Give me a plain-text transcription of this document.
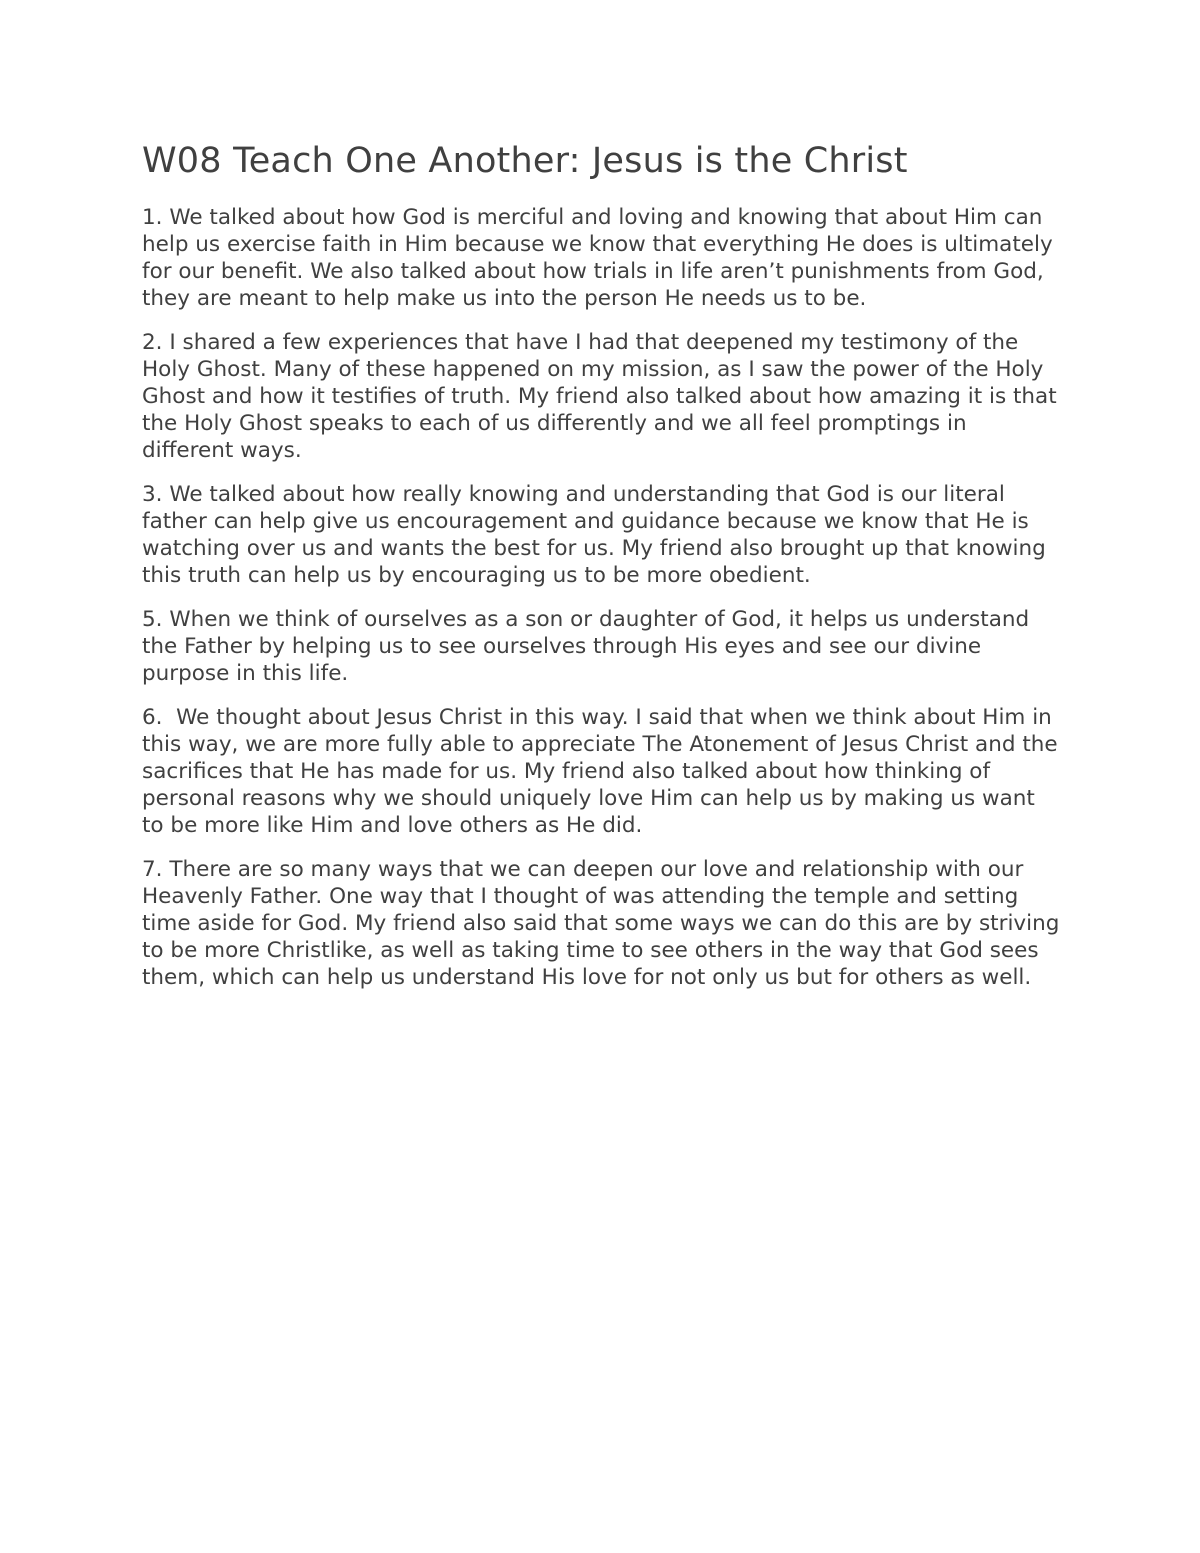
W08 Teach One Another: Jesus is the Christ

1. We talked about how God is merciful and loving and knowing that about Him can help us exercise faith in Him because we know that everything He does is ultimately for our benefit. We also talked about how trials in life aren’t punishments from God, they are meant to help make us into the person He needs us to be.

2. I shared a few experiences that have I had that deepened my testimony of the Holy Ghost. Many of these happened on my mission, as I saw the power of the Holy Ghost and how it testifies of truth. My friend also talked about how amazing it is that the Holy Ghost speaks to each of us differently and we all feel promptings in different ways.

3. We talked about how really knowing and understanding that God is our literal father can help give us encouragement and guidance because we know that He is watching over us and wants the best for us. My friend also brought up that knowing this truth can help us by encouraging us to be more obedient.

5. When we think of ourselves as a son or daughter of God, it helps us understand the Father by helping us to see ourselves through His eyes and see our divine purpose in this life.

6.  We thought about Jesus Christ in this way. I said that when we think about Him in this way, we are more fully able to appreciate The Atonement of Jesus Christ and the sacrifices that He has made for us. My friend also talked about how thinking of personal reasons why we should uniquely love Him can help us by making us want to be more like Him and love others as He did.

7. There are so many ways that we can deepen our love and relationship with our Heavenly Father. One way that I thought of was attending the temple and setting time aside for God. My friend also said that some ways we can do this are by striving to be more Christlike, as well as taking time to see others in the way that God sees them, which can help us understand His love for not only us but for others as well.
